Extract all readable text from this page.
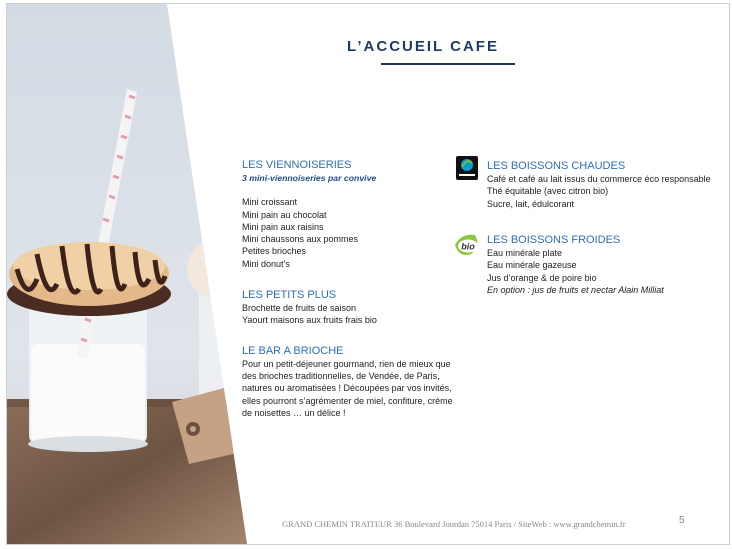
L’ACCUEIL CAFE
LES VIENNOISERIES
3 mini-viennoiseries par convive
Mini croissant
Mini pain au chocolat
Mini pain aux raisins
Mini chaussons aux pommes
Petites brioches
Mini donut’s
LES PETITS PLUS
Brochette de fruits de saison
Yaourt maisons aux fruits frais bio
LE BAR A BRIOCHE
Pour un petit-déjeuner gourmand, rien de mieux que
des brioches traditionnelles, de Vendée, de Paris,
natures ou aromatisées ! Découpées par vos invités,
elles pourront s’agrémenter de miel, confiture, crème
de noisettes … un délice !
LES BOISSONS CHAUDES
Café et café au lait issus du commerce éco responsable
Thé équitable (avec citron bio)
Sucre, lait, édulcorant
bio
LES BOISSONS FROIDES
Eau minérale plate
Eau minérale gazeuse
Jus d’orange & de poire bio
En option : jus de fruits et nectar Alain Milliat
GRAND CHEMIN TRAITEUR 36 Boulevard Jourdan 75014 Paris / SiteWeb : www.grandchemin.fr	5
